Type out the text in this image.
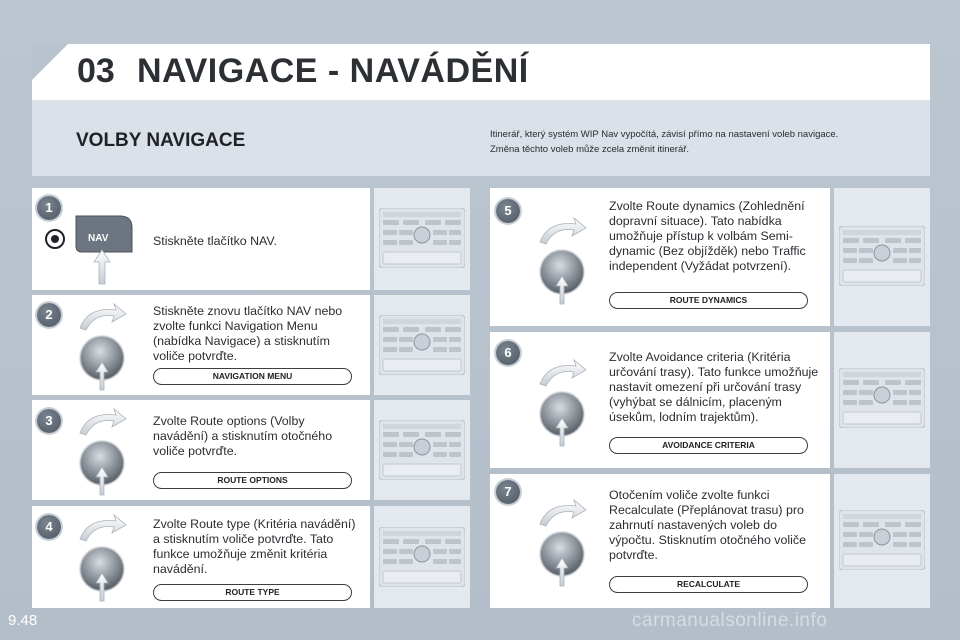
03 NAVIGACE - NAVÁDĚNÍ
VOLBY NAVIGACE	Itinerář, který systém WIP Nav vypočítá, závisí přímo na nastavení voleb navigace.
Změna těchto voleb může zcela změnit itinerář.
1
NAV	Stiskněte tlačítko NAV.
2	Stiskněte znovu tlačítko NAV nebo zvolte funkci Navigation Menu (nabídka Navigace) a stisknutím voliče potvrďte.
NAVIGATION MENU
3	Zvolte Route options (Volby navádění) a stisknutím otočného voliče potvrďte.
ROUTE OPTIONS
4	Zvolte Route type (Kritéria navádění) a stisknutím voliče potvrďte. Tato funkce umožňuje změnit kritéria navádění.
ROUTE TYPE
5	Zvolte Route dynamics (Zohlednění dopravní situace). Tato nabídka umožňuje přístup k volbám Semi-dynamic (Bez objížděk) nebo Traffic independent (Vyžádat potvrzení).
ROUTE DYNAMICS
6	Zvolte Avoidance criteria (Kritéria určování trasy). Tato funkce umožňuje nastavit omezení při určování trasy (vyhýbat se dálnicím, placeným úsekům, lodním trajektům).
AVOIDANCE CRITERIA
7	Otočením voliče zvolte funkci Recalculate (Přeplánovat trasu) pro zahrnutí nastavených voleb do výpočtu. Stisknutím otočného voliče potvrďte.
RECALCULATE
9.48	carmanualsonline.info
